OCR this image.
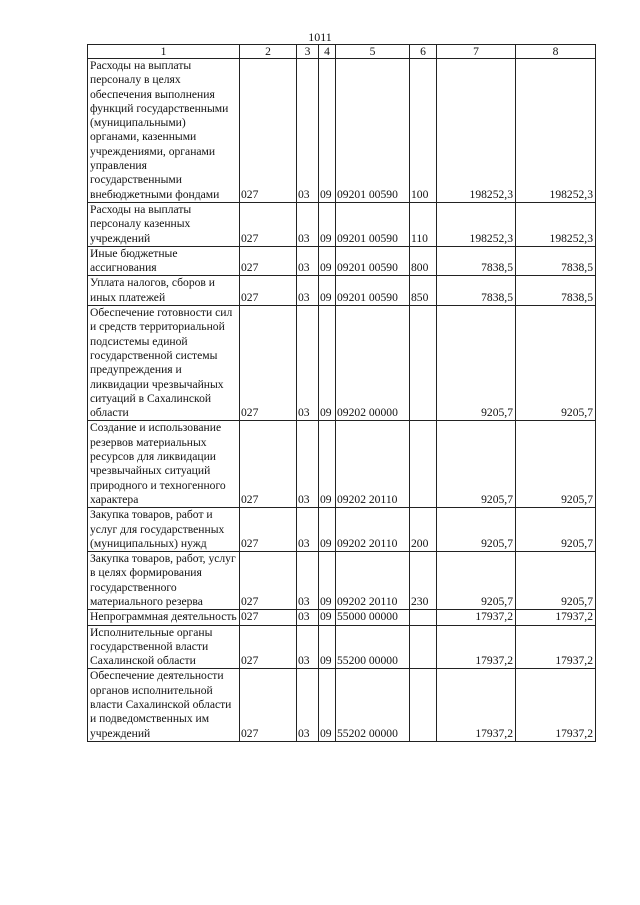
1011
1	2	3	4	5	6	7	8
Расходы на выплаты персоналу в целях обеспечения выполнения функций государственными (муниципальными) органами, казенными учреждениями, органами управления государственными внебюджетными фондами	027	03	09	09201 00590	100	198252,3	198252,3
Расходы на выплаты персоналу казенных учреждений	027	03	09	09201 00590	110	198252,3	198252,3
Иные бюджетные ассигнования	027	03	09	09201 00590	800	7838,5	7838,5
Уплата налогов, сборов и иных платежей	027	03	09	09201 00590	850	7838,5	7838,5
Обеспечение готовности сил и средств территориальной подсистемы единой государственной системы предупреждения и ликвидации чрезвычайных ситуаций в Сахалинской области	027	03	09	09202 00000		9205,7	9205,7
Создание и использование резервов материальных ресурсов для ликвидации чрезвычайных ситуаций природного и техногенного характера	027	03	09	09202 20110		9205,7	9205,7
Закупка товаров, работ и услуг для государственных (муниципальных) нужд	027	03	09	09202 20110	200	9205,7	9205,7
Закупка товаров, работ, услуг в целях формирования государственного материального резерва	027	03	09	09202 20110	230	9205,7	9205,7
Непрограммная деятельность	027	03	09	55000 00000		17937,2	17937,2
Исполнительные органы государственной власти Сахалинской области	027	03	09	55200 00000		17937,2	17937,2
Обеспечение деятельности органов исполнительной власти Сахалинской области и подведомственных им учреждений	027	03	09	55202 00000		17937,2	17937,2
